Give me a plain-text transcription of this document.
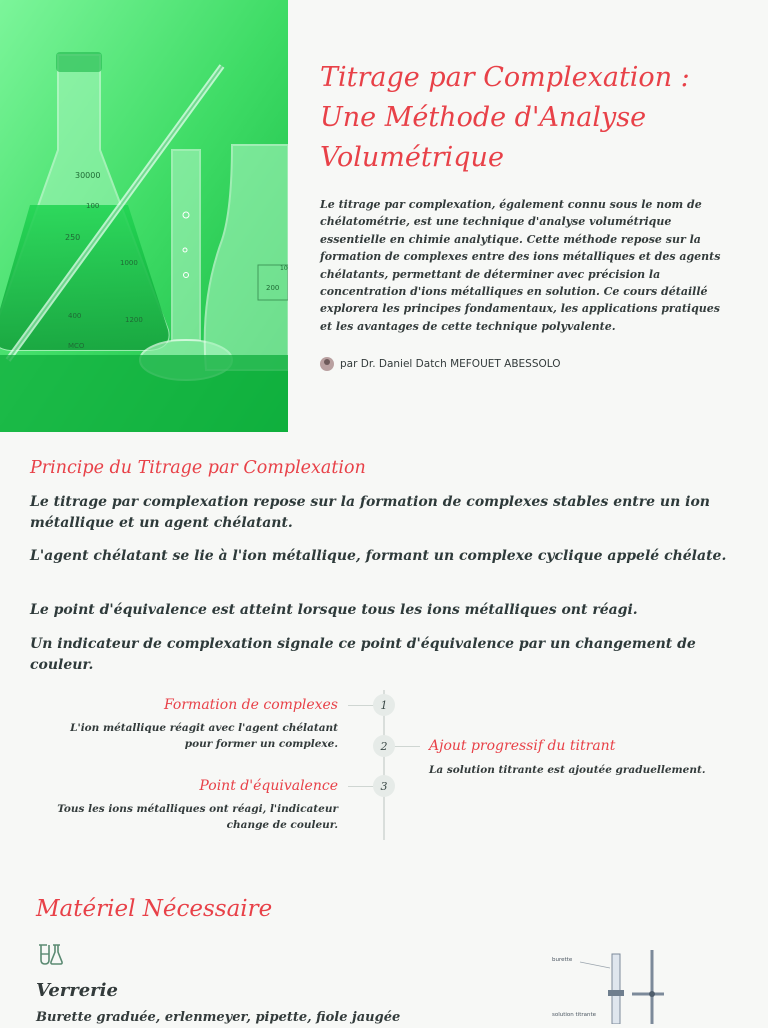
30000
100
250
1000
1200
400
MCO
200
10
Titrage par Complexation :
Une Méthode d'Analyse
Volumétrique

Le titrage par complexation, également connu sous le nom de chélatométrie, est une technique d'analyse volumétrique essentielle en chimie analytique. Cette méthode repose sur la formation de complexes entre des ions métalliques et des agents chélatants, permettant de déterminer avec précision la concentration d'ions métalliques en solution. Ce cours détaillé explorera les principes fondamentaux, les applications pratiques et les avantages de cette technique polyvalente.

par Dr. Daniel Datch MEFOUET ABESSOLO
Principe du Titrage par Complexation

Le titrage par complexation repose sur la formation de complexes stables entre un ion métallique et un agent chélatant.

L'agent chélatant se lie à l'ion métallique, formant un complexe cyclique appelé chélate.

Le point d'équivalence est atteint lorsque tous les ions métalliques ont réagi.

Un indicateur de complexation signale ce point d'équivalence par un changement de couleur.

1
Formation de complexes

L'ion métallique réagit avec l'agent chélatant pour former un complexe.	2	Ajout progressif du titrant

La solution titrante est ajoutée graduellement.

3
Point d'équivalence

Tous les ions métalliques ont réagi, l'indicateur change de couleur.

Matériel Nécessaire
Verrerie

Burette graduée, erlenmeyer, pipette, fiole jaugée

burette
solution titrante
